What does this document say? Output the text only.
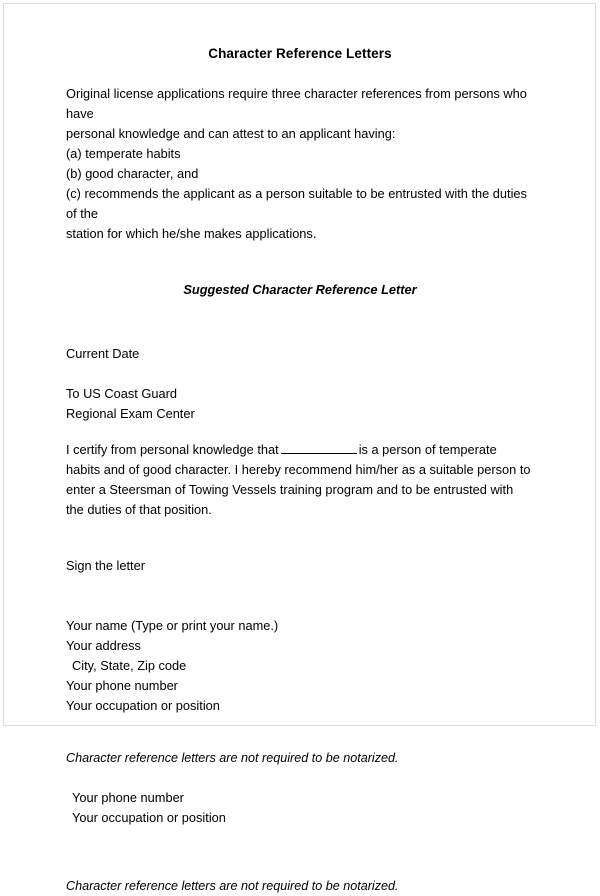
Character Reference Letters
Original license applications require three character references from persons who have
personal knowledge and can attest to an applicant having:
(a) temperate habits
(b) good character, and
(c) recommends the applicant as a person suitable to be entrusted with the duties of the
station for which he/she makes applications.
Suggested Character Reference Letter
Current Date
To US Coast Guard
Regional Exam Center

I certify from personal knowledge that	is a person of temperate habits and of good character. I hereby recommend him/her as a suitable person to enter a Steersman of Towing Vessels training program and to be entrusted with the duties of that position.

Sign the letter
Your name (Type or print your name.)
Your address
City, State, Zip code
Your phone number
Your occupation or position
Character reference letters are not required to be notarized.
Your phone number
Your occupation or position
Character reference letters are not required to be notarized.
